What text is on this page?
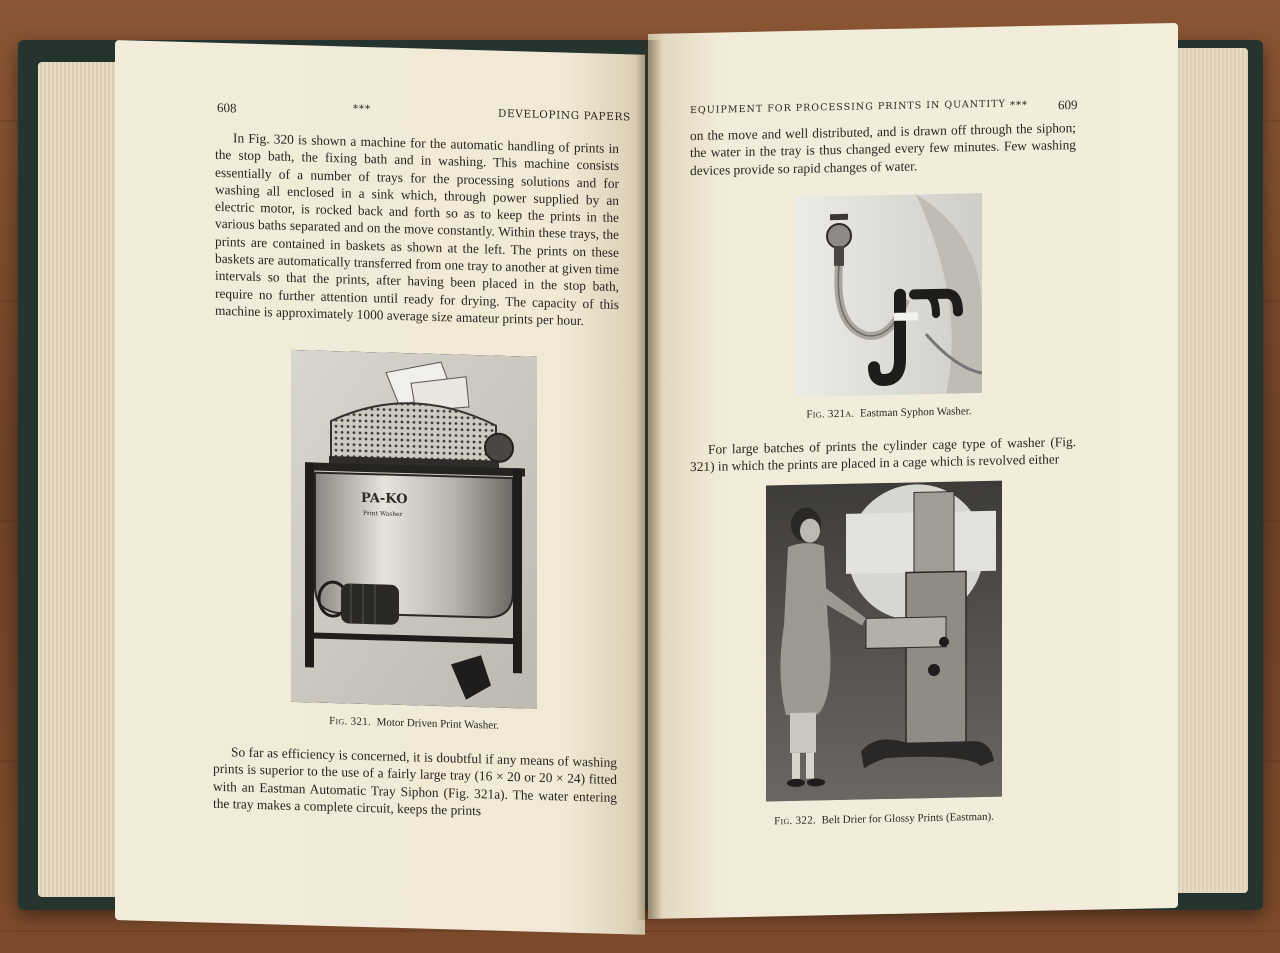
608	***	DEVELOPING PAPERS

In Fig. 320 is shown a machine for the automatic handling of prints in the stop bath, the fixing bath and in washing. This machine consists essentially of a number of trays for the processing solutions and for washing all enclosed in a sink which, through power supplied by an electric motor, is rocked back and forth so as to keep the prints in the various baths separated and on the move constantly. Within these trays, the prints are contained in baskets as shown at the left. The prints on these baskets are automatically transferred from one tray to another at given time intervals so that the prints, after having been placed in the stop bath, require no further attention until ready for drying. The capacity of this machine is approximately 1000 average size amateur prints per hour.

PA-KO
Print Washer
Fig. 321. Motor Driven Print Washer.

So far as efficiency is concerned, it is doubtful if any means of washing prints is superior to the use of a fairly large tray (16 × 20 or 20 × 24) fitted with an Eastman Automatic Tray Siphon (Fig. 321a). The water entering the tray makes a complete circuit, keeps the prints

EQUIPMENT FOR PROCESSING PRINTS IN QUANTITY *** 609

on the move and well distributed, and is drawn off through the siphon; the water in the tray is thus changed every few minutes. Few washing devices provide so rapid changes of water.

Fig. 321a. Eastman Syphon Washer.

For large batches of prints the cylinder cage type of washer (Fig. 321) in which the prints are placed in a cage which is revolved either

Fig. 322. Belt Drier for Glossy Prints (Eastman).
